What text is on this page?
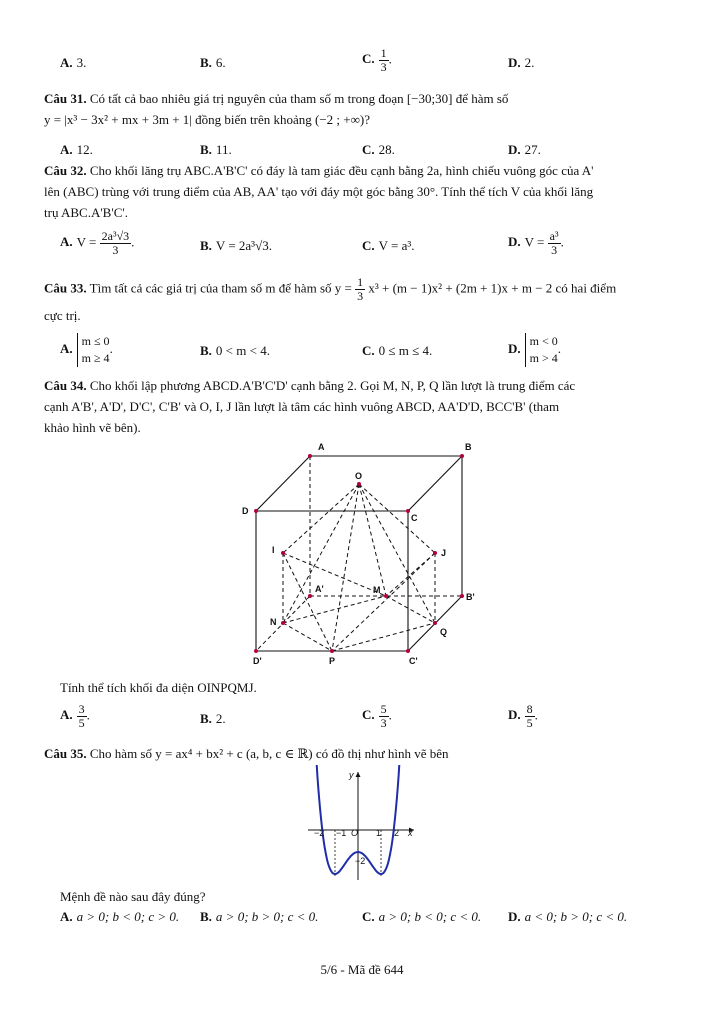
A. 3.	B. 6.	C. $\frac{1}{3}$ .	D. 2.
Câu 31. Có tất cả bao nhiêu giá trị nguyên của tham số m trong đoạn [−30;30] để hàm số
y = |x³ − 3x² + mx + 3m + 1| đồng biến trên khoảng (−2 ; +∞)?
A. 12.	B. 11.	C. 28.	D. 27.
Câu 32. Cho khối lăng trụ ABC.A'B'C' có đáy là tam giác đều cạnh bằng 2a, hình chiếu vuông góc của A'
lên (ABC) trùng với trung điểm của AB, AA' tạo với đáy một góc bằng 30°. Tính thể tích V của khối lăng
trụ ABC.A'B'C'.
A. $V = \frac{\text{2a³√3}}{3}$ .	B. V = 2a³√3.	C. V = a³.	D. $V = \frac{\text{a³}}{3}$ .
Câu 33. Tìm tất cả các giá trị của tham số m để hàm số $y = \frac{1}{3} x^3 + (m - 1)x^2 + (2m + 1)x + m - 2$ có hai điểm
cực trị.
A. m ≤ 0
m ≥ 4.	B. 0 < m < 4.	C. 0 ≤ m ≤ 4.	D. m < 0
m > 4.
Câu 34. Cho khối lập phương ABCD.A'B'C'D' cạnh bằng 2. Gọi M, N, P, Q lần lượt là trung điểm các
cạnh A'B', A'D', D'C', C'B' và O, I, J lần lượt là tâm các hình vuông ABCD, AA'D'D, BCC'B' (tham
khảo hình vẽ bên).
A	B
C
D
O
I	J
A'
B'
C'
D'
M
N
P
Q
Tính thể tích khối đa diện OINPQMJ.
A. $\frac{3}{5}$ .	B. 2.	C. $\frac{5}{3}$ .	D. $\frac{8}{5}$ .
Câu 35. Cho hàm số y = ax⁴ + bx² + c (a, b, c ∈ ℝ) có đồ thị như hình vẽ bên
y
x
−2 −1 O 1 2
−2
Mệnh đề nào sau đây đúng?
A. a > 0; b < 0; c > 0. B. a > 0; b > 0; c < 0.	C. a > 0; b < 0; c < 0. D. a < 0; b > 0; c < 0.
5/6 - Mã đề 644
